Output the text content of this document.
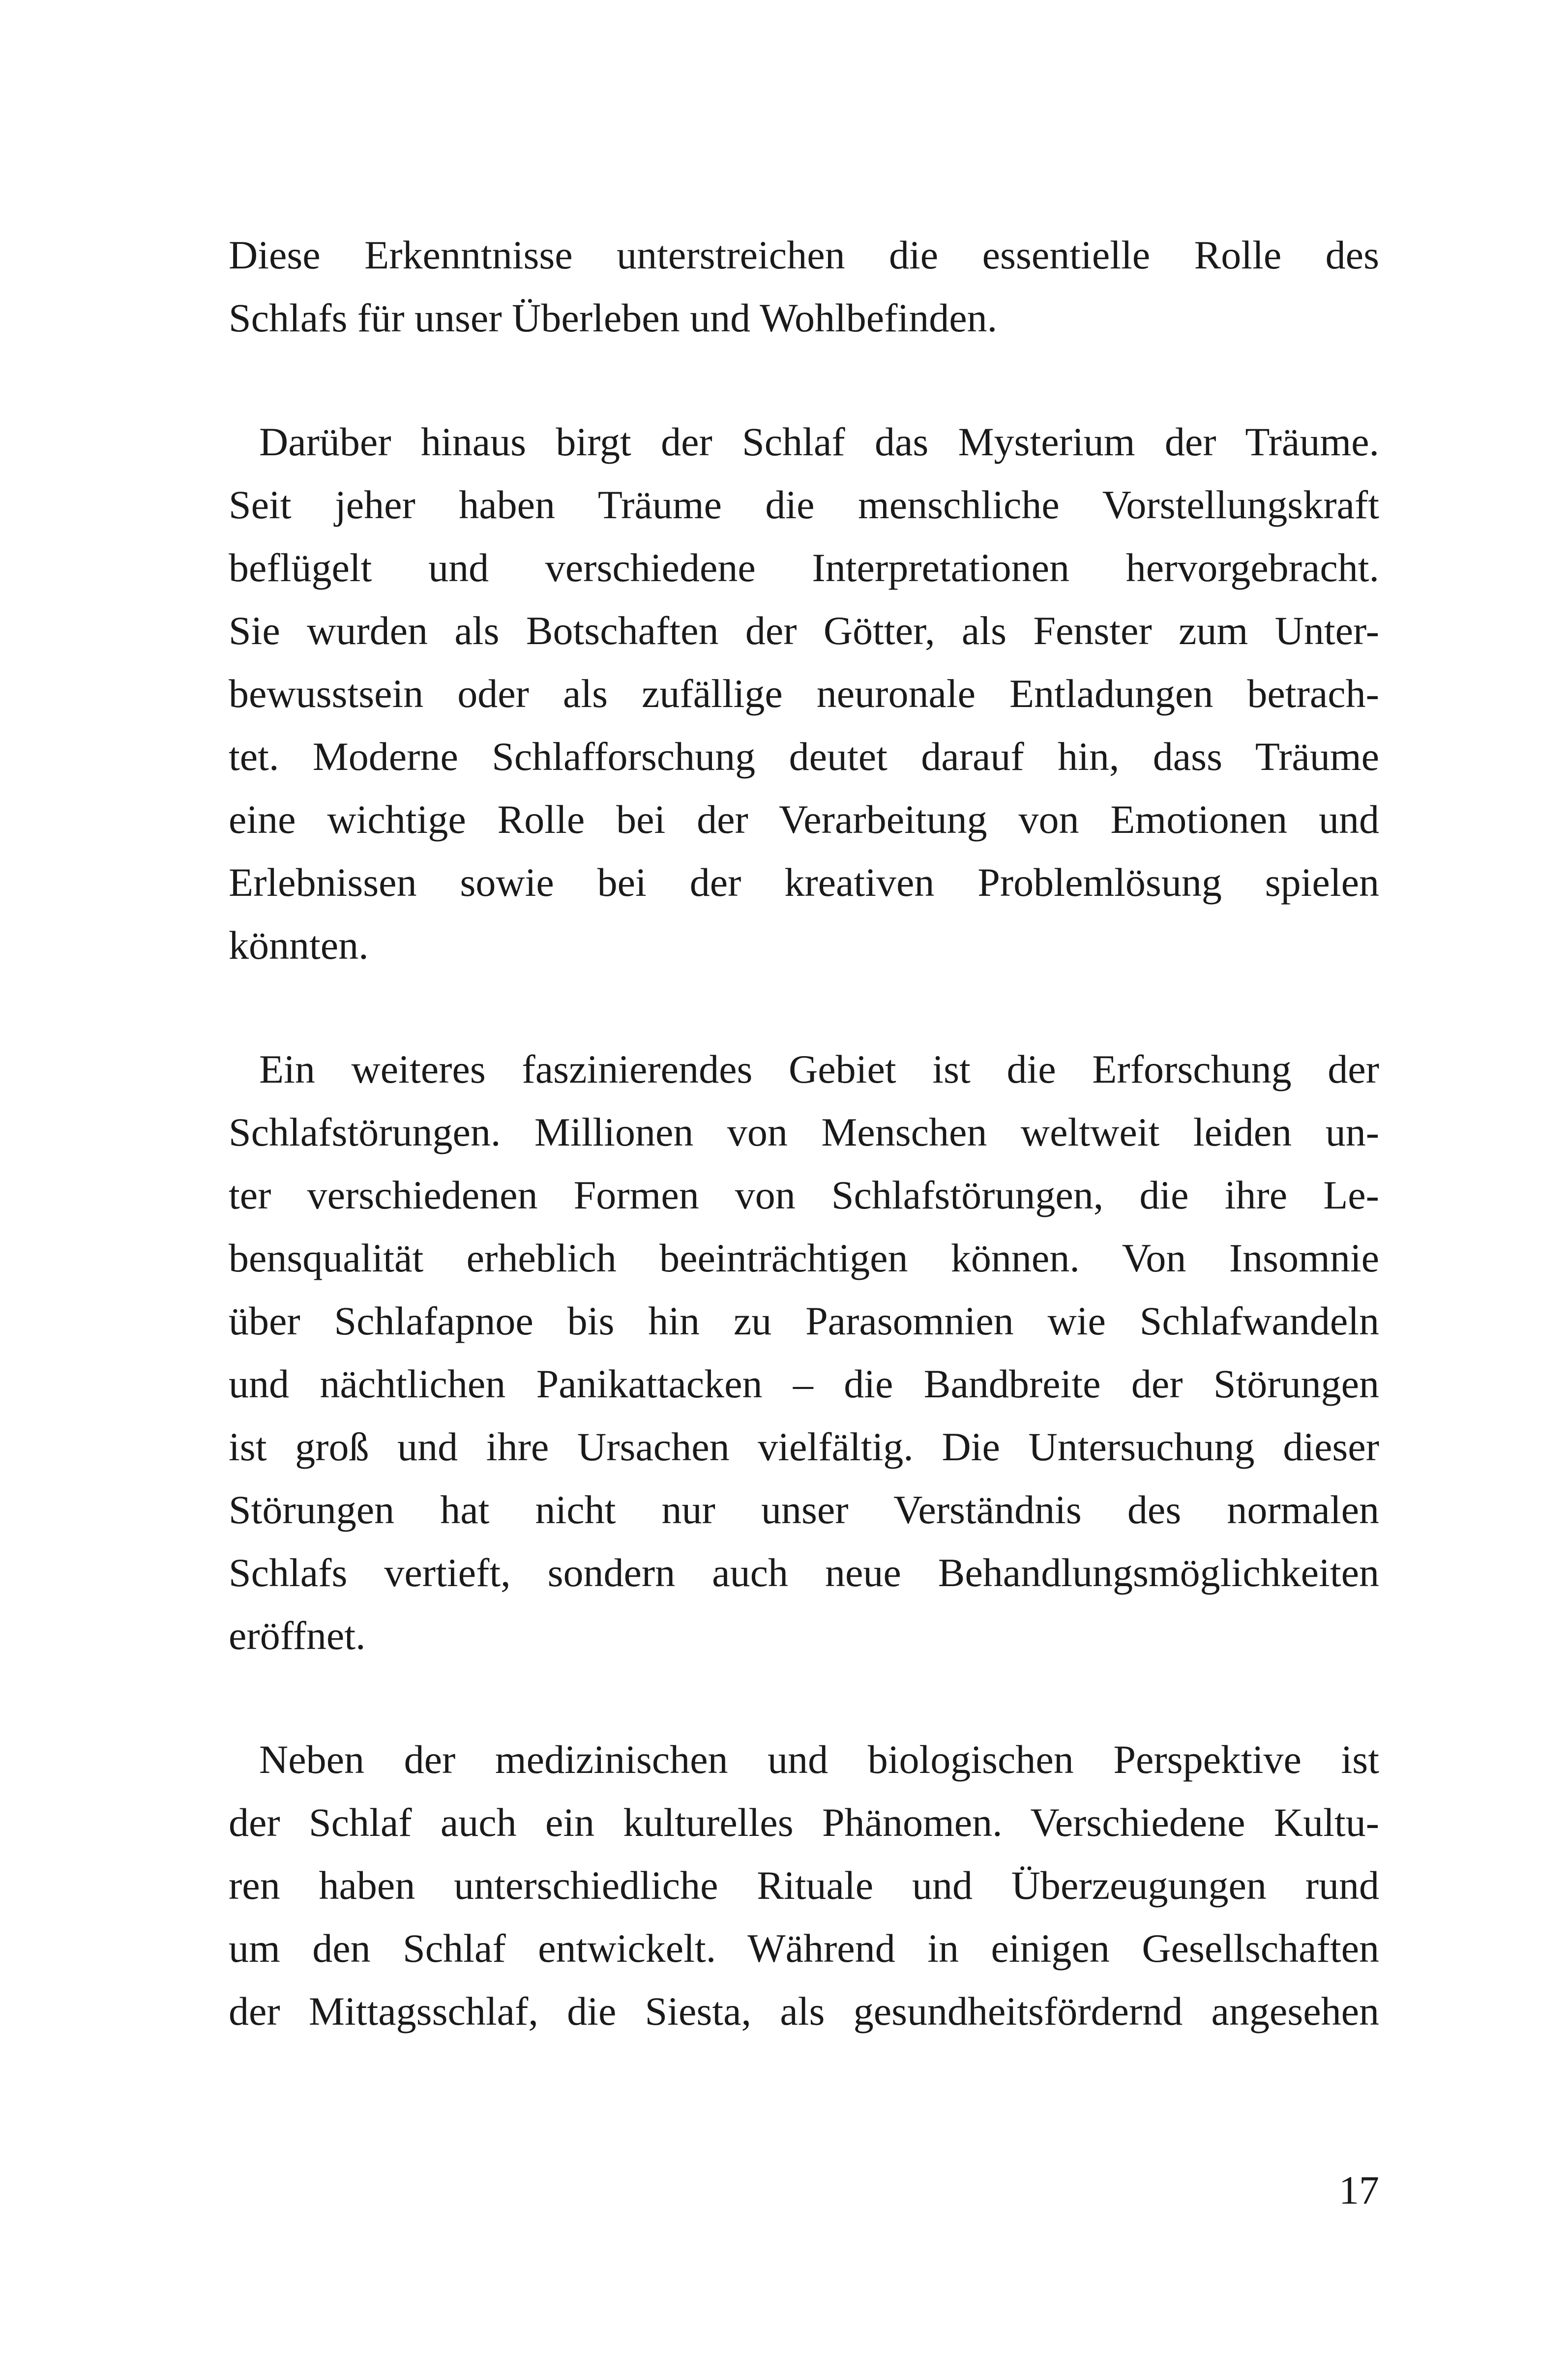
Diese Erkenntnisse unterstreichen die essentielle Rolle des
Schlafs für unser Überleben und Wohlbefinden.
Darüber hinaus birgt der Schlaf das Mysterium der Träume.
Seit jeher haben Träume die menschliche Vorstellungskraft
beflügelt und verschiedene Interpretationen hervorgebracht.
Sie wurden als Botschaften der Götter, als Fenster zum Unter-
bewusstsein oder als zufällige neuronale Entladungen betrach-
tet. Moderne Schlafforschung deutet darauf hin, dass Träume
eine wichtige Rolle bei der Verarbeitung von Emotionen und
Erlebnissen sowie bei der kreativen Problemlösung spielen
könnten.
Ein weiteres faszinierendes Gebiet ist die Erforschung der
Schlafstörungen. Millionen von Menschen weltweit leiden un-
ter verschiedenen Formen von Schlafstörungen, die ihre Le-
bensqualität erheblich beeinträchtigen können. Von Insomnie
über Schlafapnoe bis hin zu Parasomnien wie Schlafwandeln
und nächtlichen Panikattacken – die Bandbreite der Störungen
ist groß und ihre Ursachen vielfältig. Die Untersuchung dieser
Störungen hat nicht nur unser Verständnis des normalen
Schlafs vertieft, sondern auch neue Behandlungsmöglichkeiten
eröffnet.
Neben der medizinischen und biologischen Perspektive ist
der Schlaf auch ein kulturelles Phänomen. Verschiedene Kultu-
ren haben unterschiedliche Rituale und Überzeugungen rund
um den Schlaf entwickelt. Während in einigen Gesellschaften
der Mittagsschlaf, die Siesta, als gesundheitsfördernd angesehen
17
